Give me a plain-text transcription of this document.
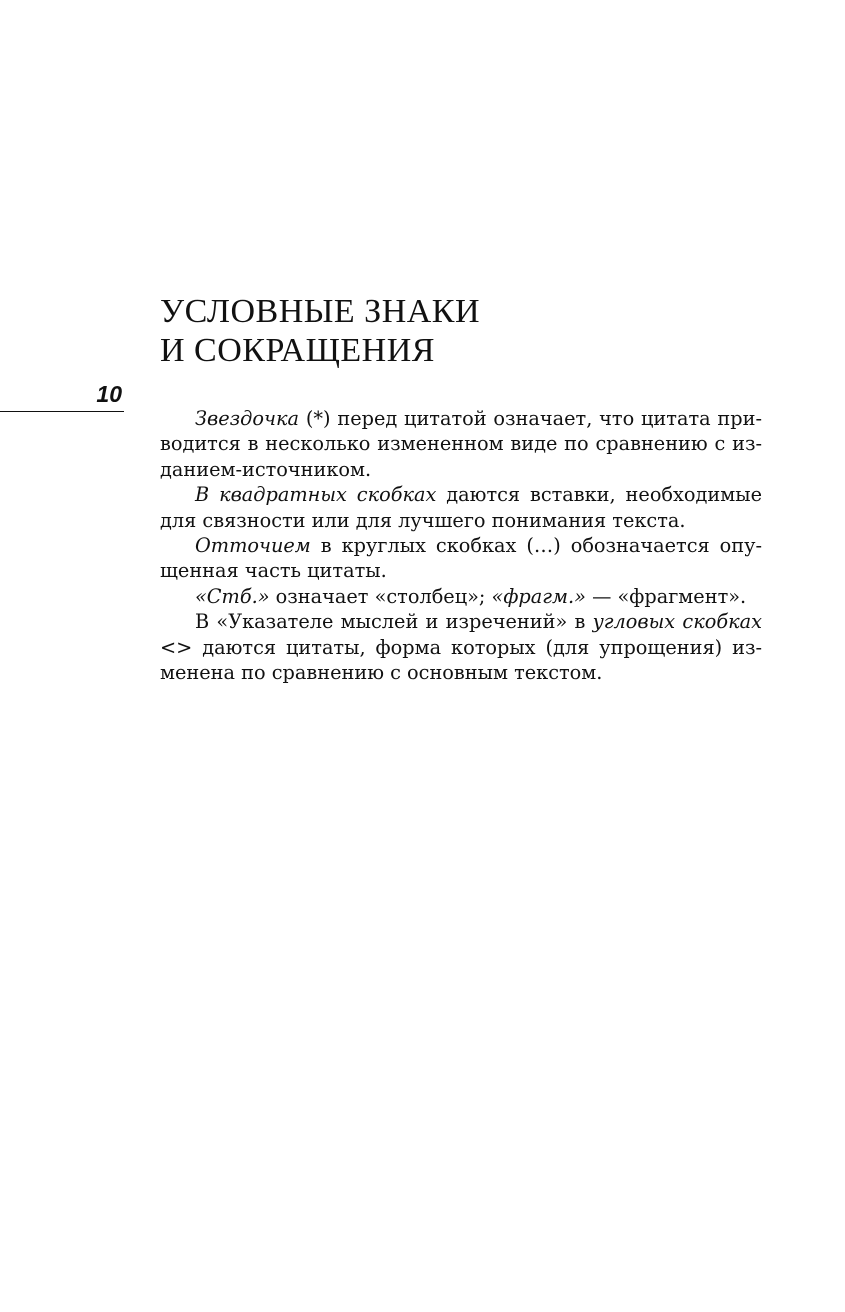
УСЛОВНЫЕ ЗНАКИ
И СОКРАЩЕНИЯ
10
Звездочка (*) перед цитатой означает, что цитата при-
водится в несколько измененном виде по сравнению с из-
данием-источником.
В квадратных скобках даются вставки, необходимые
для связности или для лучшего понимания текста.
Отточием в круглых скобках (…) обозначается опу-
щенная часть цитаты.
«Стб.» означает «столбец»; «фрагм.» — «фрагмент».
В «Указателе мыслей и изречений» в угловых скобках
<> даются цитаты, форма которых (для упрощения) из-
менена по сравнению с основным текстом.
